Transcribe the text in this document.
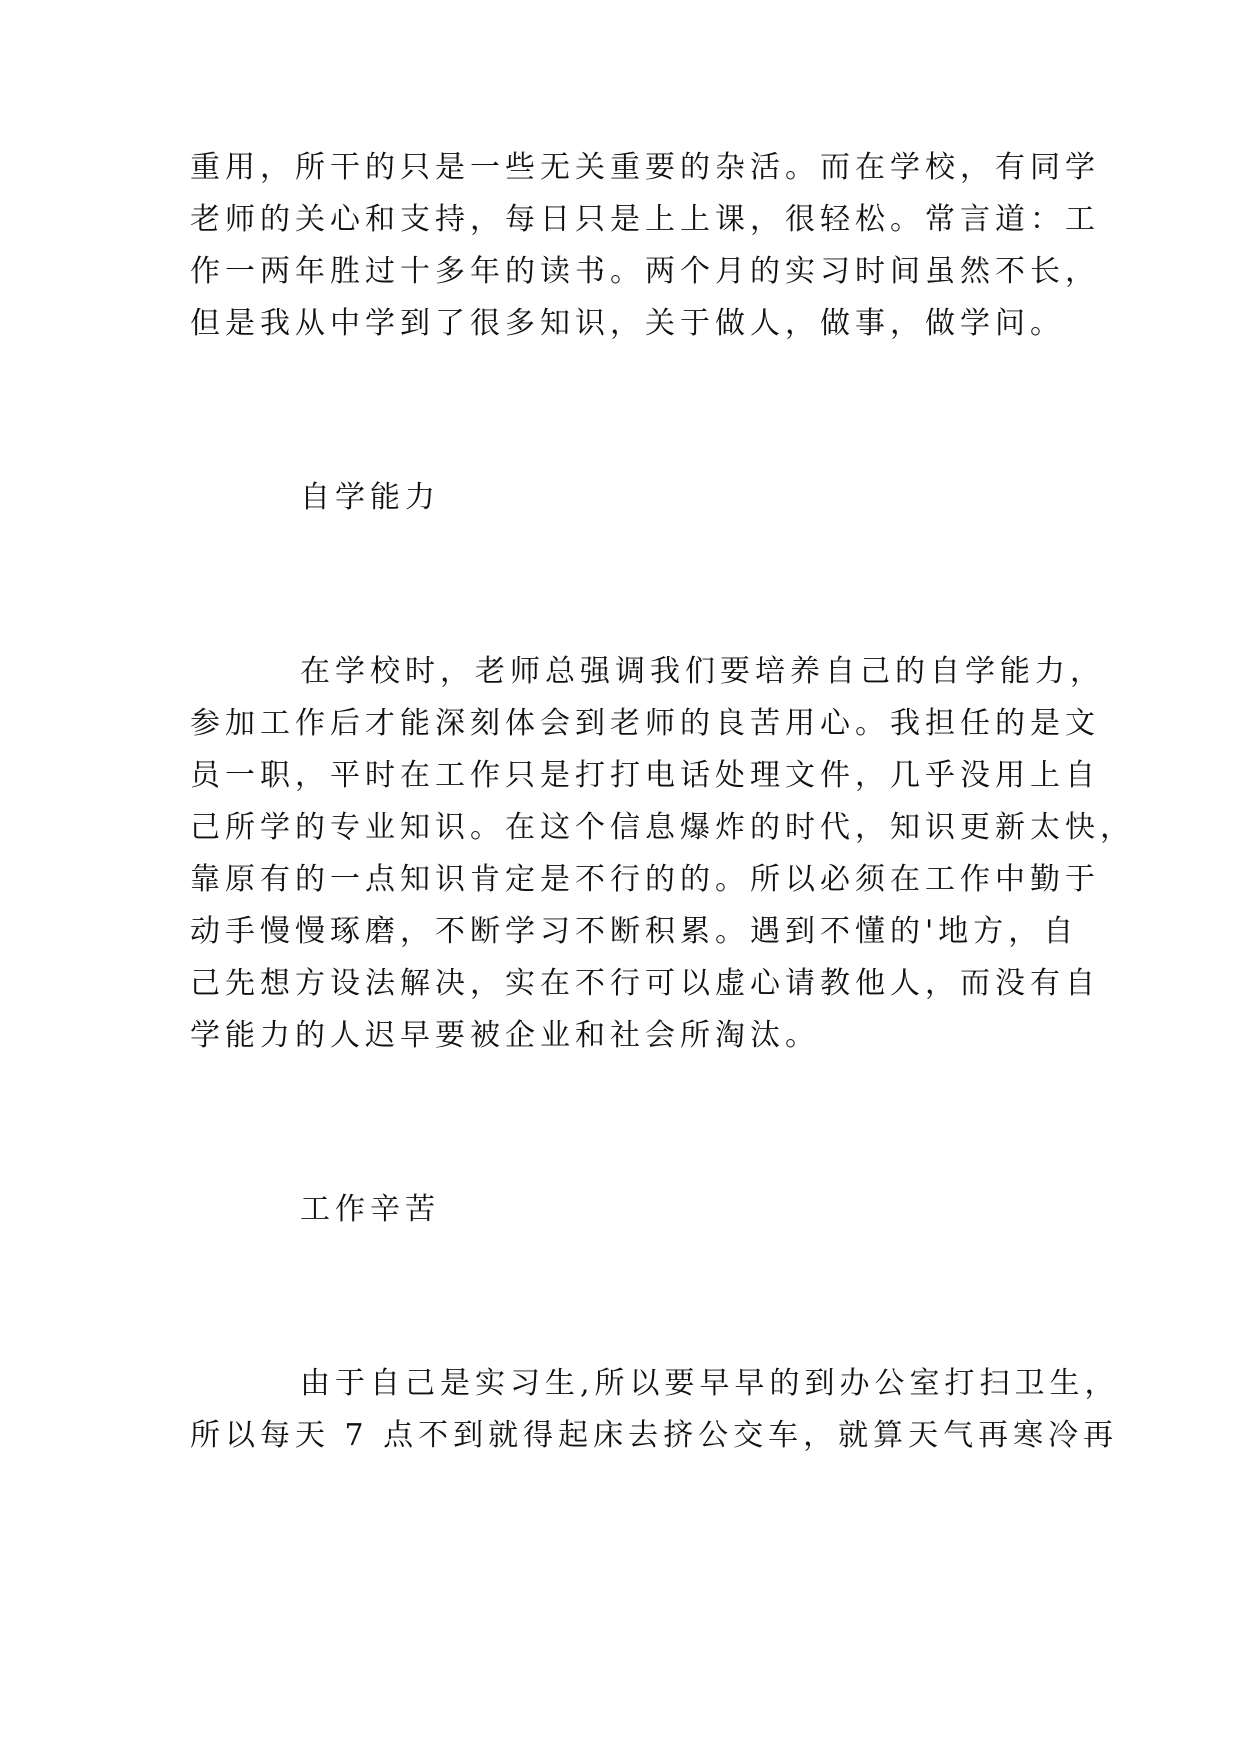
重用，所干的只是一些无关重要的杂活。而在学校，有同学
老师的关心和支持，每日只是上上课，很轻松。常言道：工
作一两年胜过十多年的读书。两个月的实习时间虽然不长，
但是我从中学到了很多知识，关于做人，做事，做学问。
自学能力
在学校时，老师总强调我们要培养自己的自学能力，
参加工作后才能深刻体会到老师的良苦用心。我担任的是文
员一职，平时在工作只是打打电话处理文件，几乎没用上自
己所学的专业知识。在这个信息爆炸的时代，知识更新太快，
靠原有的一点知识肯定是不行的的。所以必须在工作中勤于
动手慢慢琢磨，不断学习不断积累。遇到不懂的'地方，自
己先想方设法解决，实在不行可以虚心请教他人，而没有自
学能力的人迟早要被企业和社会所淘汰。
工作辛苦
由于自己是实习生,所以要早早的到办公室打扫卫生，
所以每天 7 点不到就得起床去挤公交车，就算天气再寒冷再
